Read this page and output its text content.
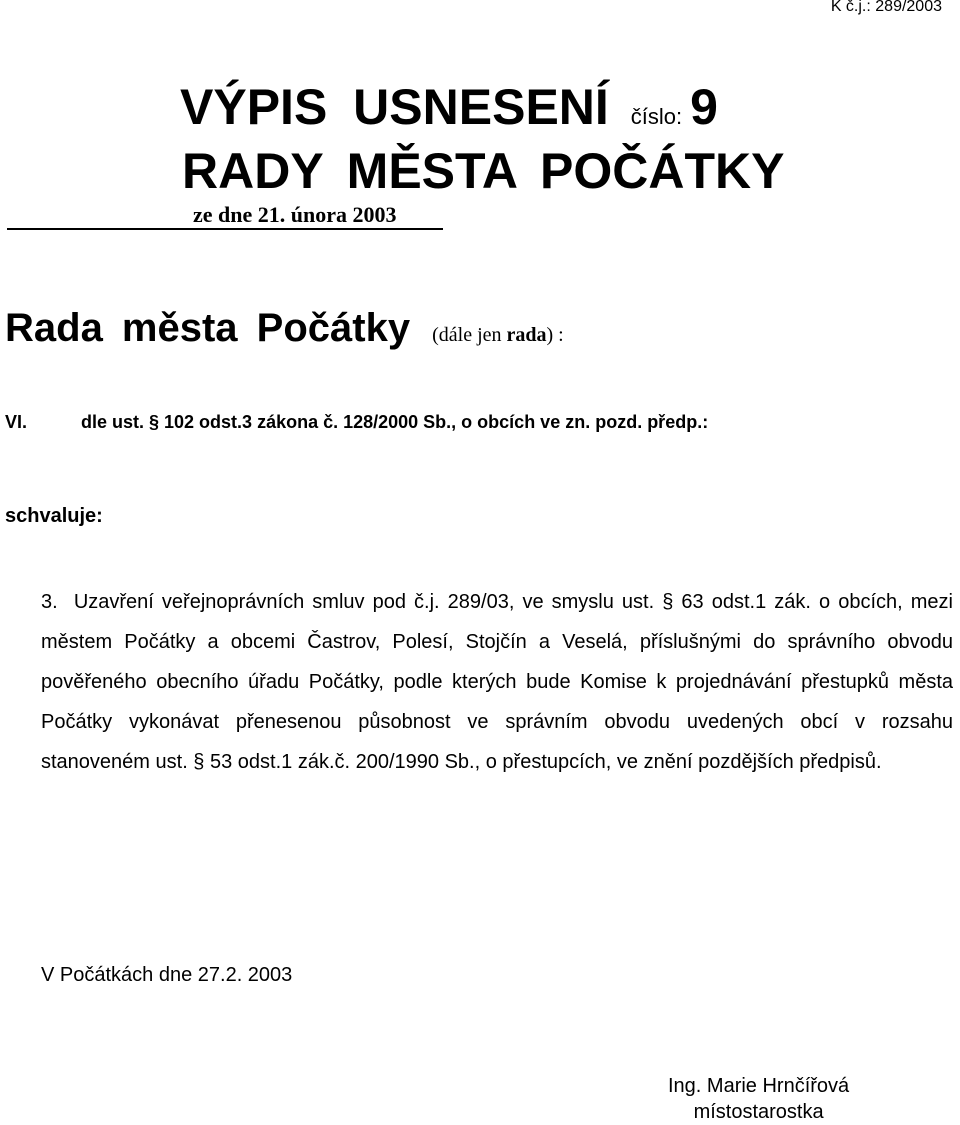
K č.j.: 289/2003
VÝPIS USNESENÍ číslo: 9
RADY MĚSTA POČÁTKY
ze dne 21. února 2003
Rada města Počátky (dále jen rada) :
VI.	dle ust. § 102 odst.3 zákona č. 128/2000 Sb., o obcích ve zn. pozd. předp.:
schvaluje:
3. Uzavření veřejnoprávních smluv pod č.j. 289/03, ve smyslu ust. § 63 odst.1 zák. o obcích, mezi městem Počátky a obcemi Častrov, Polesí, Stojčín a Veselá, příslušnými do správního obvodu pověřeného obecního úřadu Počátky, podle kterých bude Komise k projednávání přestupků města Počátky vykonávat přenesenou působnost ve správním obvodu uvedených obcí v rozsahu stanoveném ust. § 53 odst.1 zák.č. 200/1990 Sb., o přestupcích, ve znění pozdějších předpisů.
V Počátkách dne 27.2. 2003
Ing. Marie Hrnčířová
místostarostka
